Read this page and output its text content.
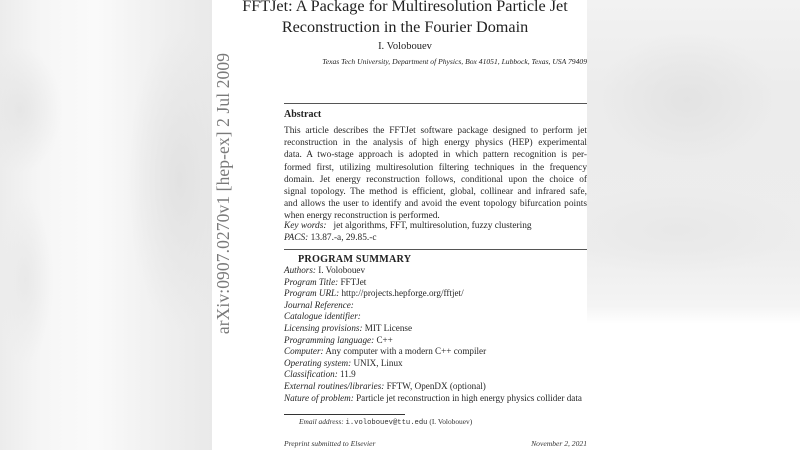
arXiv:0907.0270v1 [hep-ex] 2 Jul 2009
FFTJet: A Package for Multiresolution Particle Jet
Reconstruction in the Fourier Domain
I. Volobouev
Texas Tech University, Department of Physics, Box 41051, Lubbock, Texas, USA 79409
Abstract
This article describes the FFTJet software package designed to perform jet
reconstruction in the analysis of high energy physics (HEP) experimental
data. A two-stage approach is adopted in which pattern recognition is per-
formed first, utilizing multiresolution filtering techniques in the frequency
domain. Jet energy reconstruction follows, conditional upon the choice of
signal topology. The method is efficient, global, collinear and infrared safe,
and allows the user to identify and avoid the event topology bifurcation points
when energy reconstruction is performed.
Key words: jet algorithms, FFT, multiresolution, fuzzy clustering
PACS: 13.87.-a, 29.85.-c
PROGRAM SUMMARY
Authors: I. Volobouev
Program Title: FFTJet
Program URL: http://projects.hepforge.org/fftjet/
Journal Reference:
Catalogue identifier:
Licensing provisions: MIT License
Programming language: C++
Computer: Any computer with a modern C++ compiler
Operating system: UNIX, Linux
Classification: 11.9
External routines/libraries: FFTW, OpenDX (optional)
Nature of problem: Particle jet reconstruction in high energy physics collider data
Email address: i.volobouev@ttu.edu (I. Volobouev)
Preprint submitted to Elsevier	November 2, 2021
